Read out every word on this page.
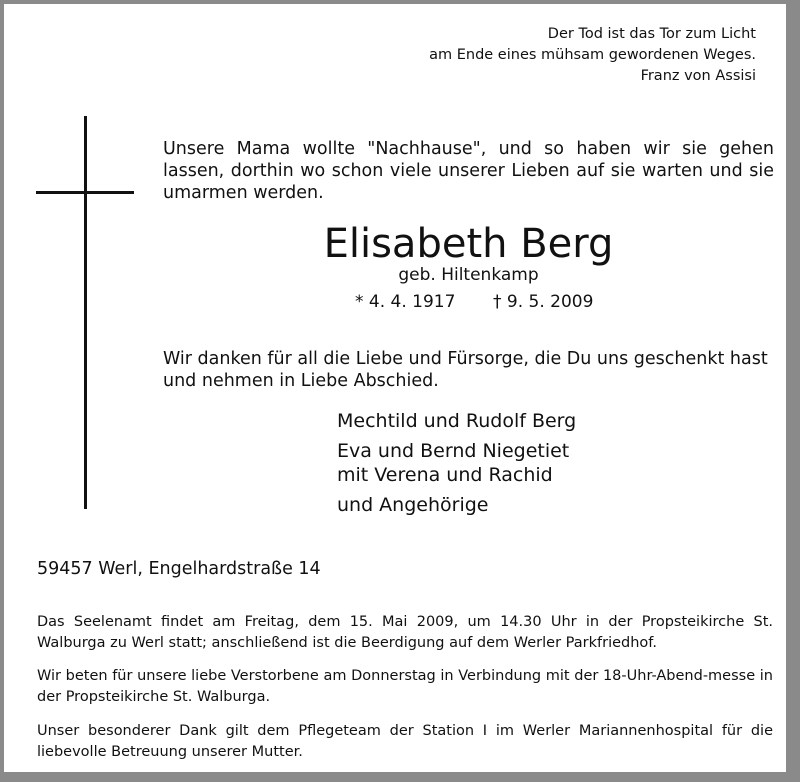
Der Tod ist das Tor zum Licht
am Ende eines mühsam gewordenen Weges.
Franz von Assisi
Unsere Mama wollte "Nachhause", und so haben wir sie gehen lassen, dorthin wo schon viele unserer Lieben auf sie warten und sie umarmen werden.
Elisabeth Berg
geb. Hiltenkamp
* 4. 4. 1917 † 9. 5. 2009
Wir danken für all die Liebe und Fürsorge, die Du uns geschenkt hast und nehmen in Liebe Abschied.
Mechtild und Rudolf Berg
Eva und Bernd Niegetiet
mit Verena und Rachid
und Angehörige
59457 Werl, Engelhardstraße 14
Das Seelenamt findet am Freitag, dem 15. Mai 2009, um 14.30 Uhr in der Propsteikirche St. Walburga zu Werl statt; anschließend ist die Beerdigung auf dem Werler Parkfriedhof.
Wir beten für unsere liebe Verstorbene am Donnerstag in Verbindung mit der 18-Uhr-Abend-messe in der Propsteikirche St. Walburga.
Unser besonderer Dank gilt dem Pflegeteam der Station I im Werler Mariannenhospital für die liebevolle Betreuung unserer Mutter.
